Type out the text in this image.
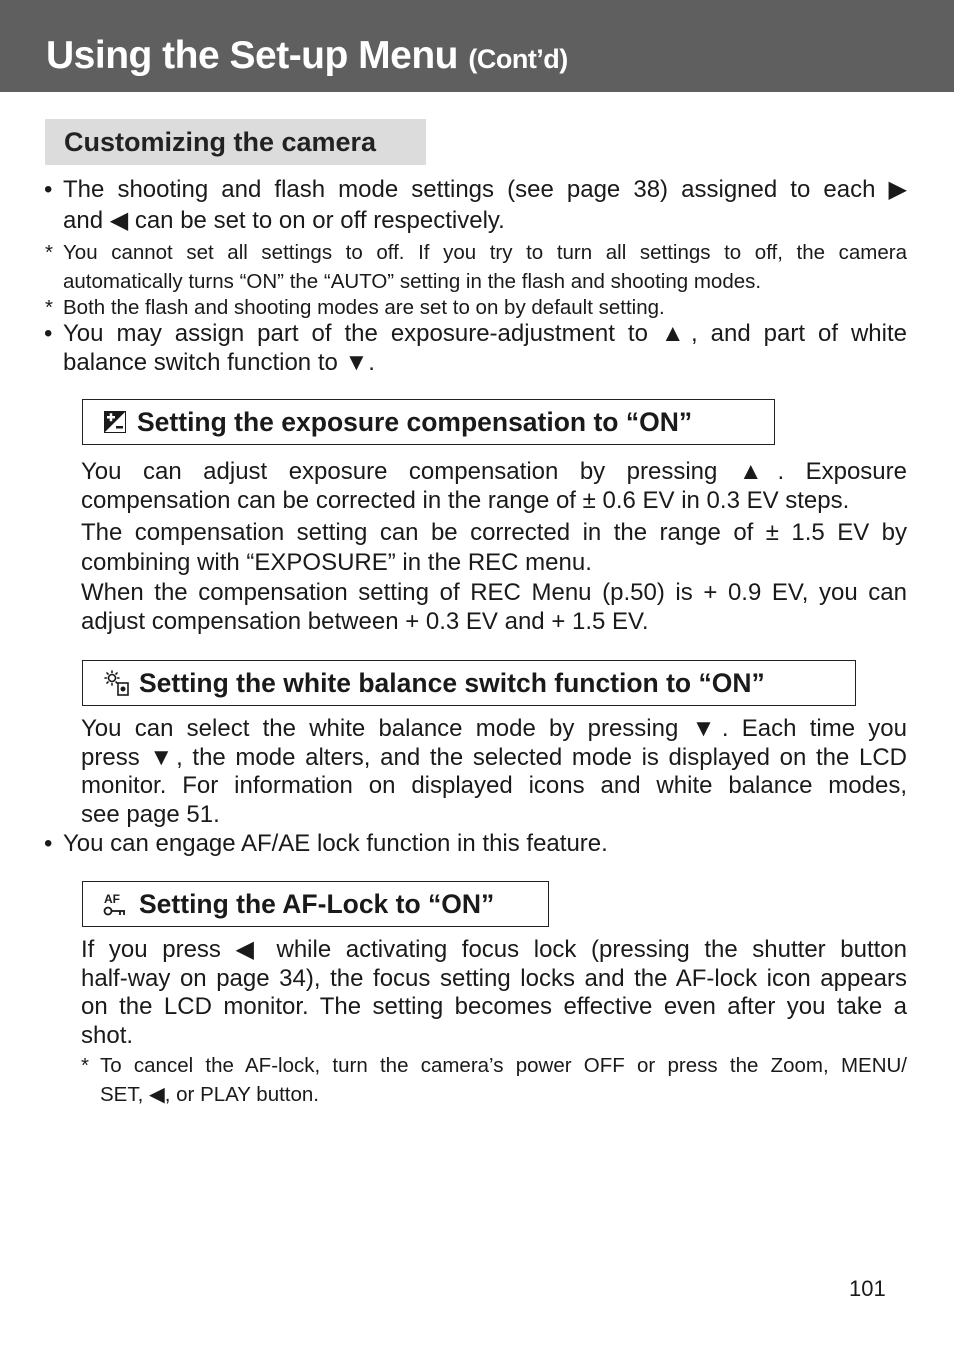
Using the Set-up Menu (Cont’d)
Customizing the camera
• The shooting and flash mode settings (see page 38) assigned to each ▶

and ◀ can be set to on or off respectively.

* You cannot set all settings to off. If you try to turn all settings to off, the camera

automatically turns “ON” the “AUTO” setting in the flash and shooting modes.

* Both the flash and shooting modes are set to on by default setting.

• You may assign part of the exposure-adjustment to ▲, and part of white

balance switch function to ▼.

Setting the exposure compensation to “ON”

You can adjust exposure compensation by pressing ▲. Exposure

compensation can be corrected in the range of ± 0.6 EV in 0.3 EV steps.

The compensation setting can be corrected in the range of ± 1.5 EV by

combining with “EXPOSURE” in the REC menu.

When the compensation setting of REC Menu (p.50) is + 0.9 EV, you can

adjust compensation between + 0.3 EV and + 1.5 EV.

Setting the white balance switch function to “ON”

You can select the white balance mode by pressing ▼. Each time you

press ▼, the mode alters, and the selected mode is displayed on the LCD

monitor. For information on displayed icons and white balance modes,

see page 51.

• You can engage AF/AE lock function in this feature.

AF Setting the AF-Lock to “ON”

If you press ◀ while activating focus lock (pressing the shutter button

half-way on page 34), the focus setting locks and the AF-lock icon appears

on the LCD monitor. The setting becomes effective even after you take a

shot.

* To cancel the AF-lock, turn the camera’s power OFF or press the Zoom, MENU/

SET, ◀, or PLAY button.

101
